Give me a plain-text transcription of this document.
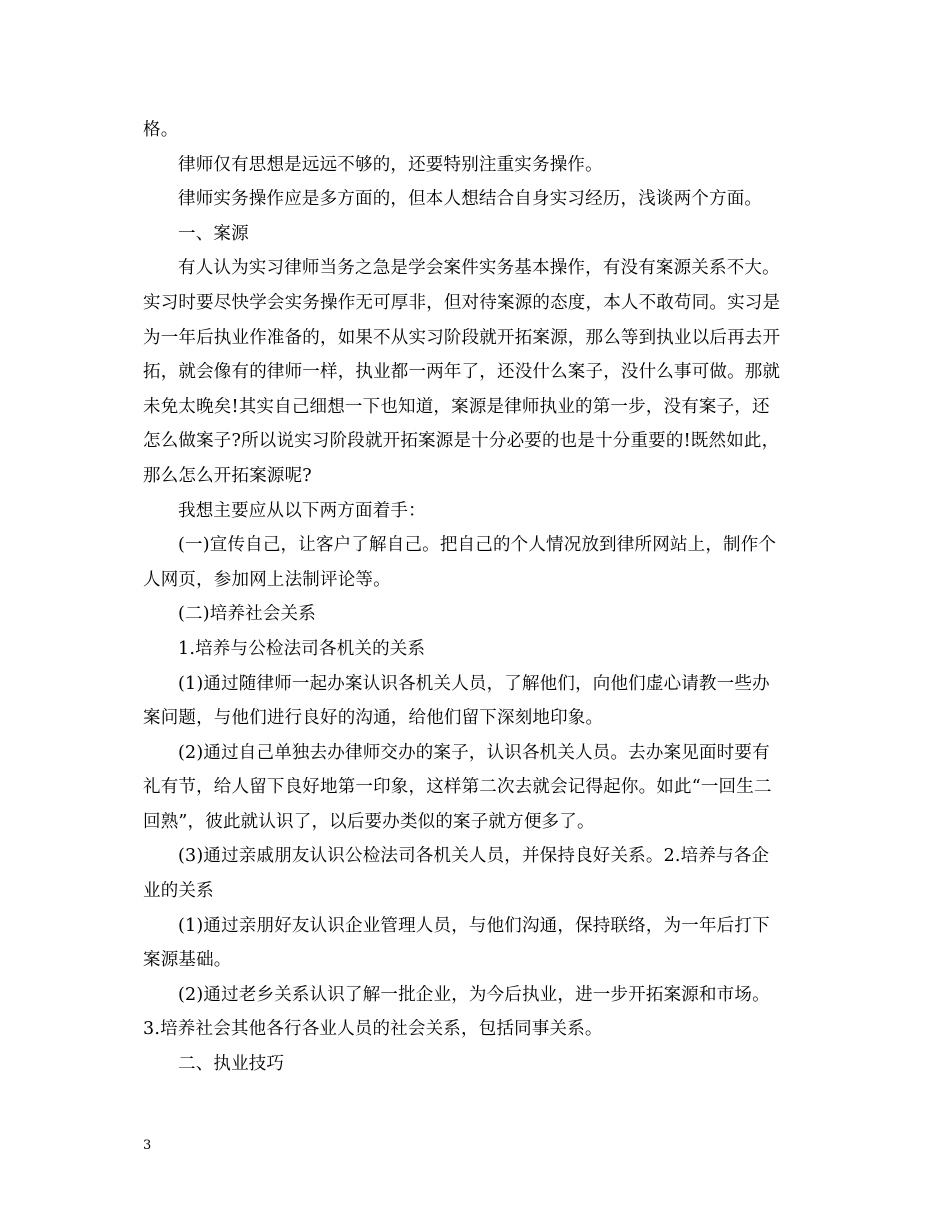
格。
律师仅有思想是远远不够的，还要特别注重实务操作。
律师实务操作应是多方面的，但本人想结合自身实习经历，浅谈两个方面。
一、案源
有人认为实习律师当务之急是学会案件实务基本操作，有没有案源关系不大。
实习时要尽快学会实务操作无可厚非，但对待案源的态度，本人不敢苟同。实习是
为一年后执业作准备的，如果不从实习阶段就开拓案源，那么等到执业以后再去开
拓，就会像有的律师一样，执业都一两年了，还没什么案子，没什么事可做。那就
未免太晚矣!其实自己细想一下也知道，案源是律师执业的第一步，没有案子，还
怎么做案子?所以说实习阶段就开拓案源是十分必要的也是十分重要的!既然如此，
那么怎么开拓案源呢?
我想主要应从以下两方面着手：
(一)宣传自己，让客户了解自己。把自己的个人情况放到律所网站上，制作个
人网页，参加网上法制评论等。
(二)培养社会关系
1.培养与公检法司各机关的关系
(1)通过随律师一起办案认识各机关人员，了解他们，向他们虚心请教一些办
案问题，与他们进行良好的沟通，给他们留下深刻地印象。
(2)通过自己单独去办律师交办的案子，认识各机关人员。去办案见面时要有
礼有节，给人留下良好地第一印象，这样第二次去就会记得起你。如此“一回生二
回熟”，彼此就认识了，以后要办类似的案子就方便多了。
(3)通过亲戚朋友认识公检法司各机关人员，并保持良好关系。2.培养与各企
业的关系
(1)通过亲朋好友认识企业管理人员，与他们沟通，保持联络，为一年后打下
案源基础。
(2)通过老乡关系认识了解一批企业，为今后执业，进一步开拓案源和市场。
3.培养社会其他各行各业人员的社会关系，包括同事关系。
二、执业技巧
3
